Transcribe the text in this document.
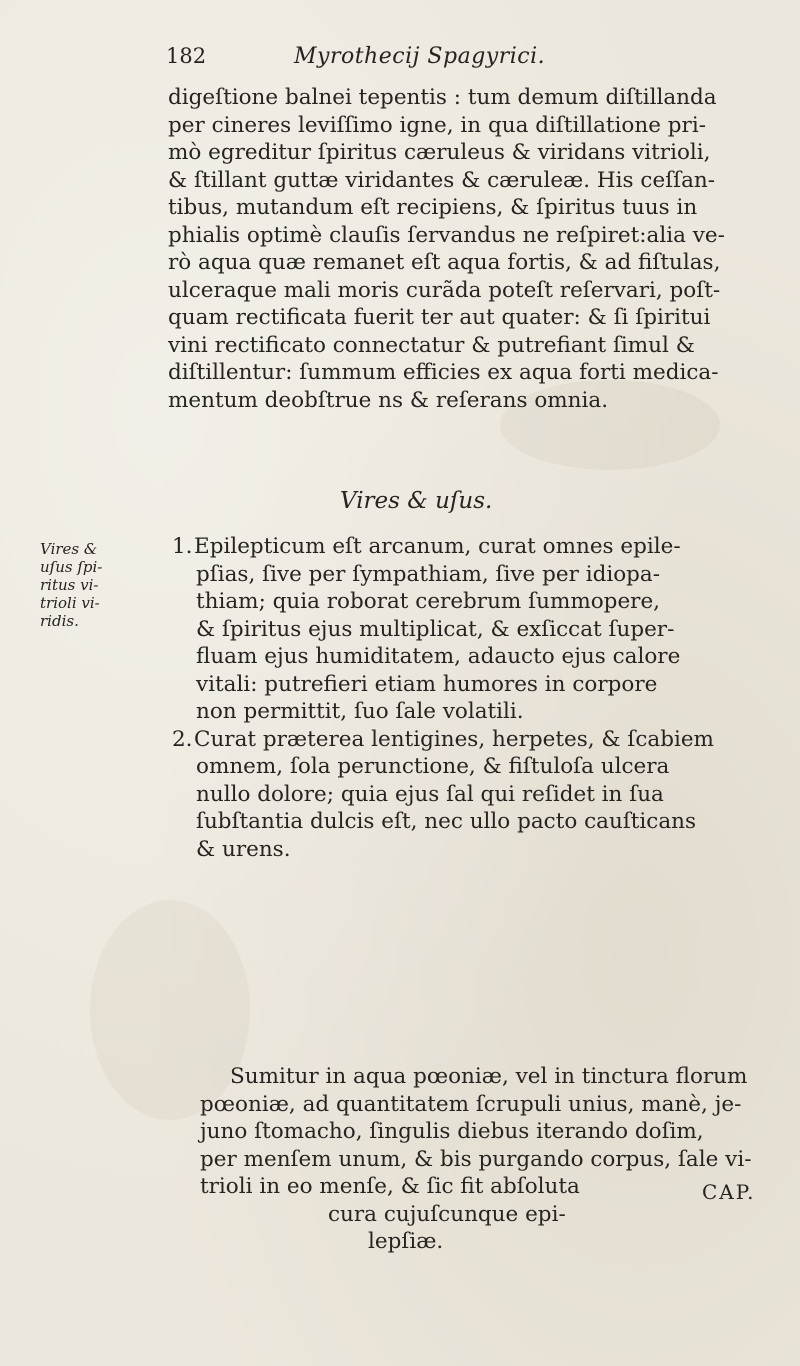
182	Myrothecij Spagyrici.
digeſtione balnei tepentis : tum demum diſtillanda
per cineres leviſſimo igne, in qua diſtillatione pri-
mò egreditur ſpiritus cæruleus & viridans vitrioli,
& ſtillant guttæ viridantes & cæruleæ. His ceſſan-
tibus, mutandum eſt recipiens, & ſpiritus tuus in
phialis optimè clauſis ſervandus ne reſpiret:alia ve-
rò aqua quæ remanet eſt aqua fortis, & ad fiſtulas,
ulceraque mali moris curãda poteſt reſervari, poſt-
quam rectificata fuerit ter aut quater: & ſi ſpiritui
vini rectificato connectatur & putrefiant ſimul &
diſtillentur: ſummum efficies ex aqua forti medica-
mentum deobſtrue ns & reſerans omnia.
Vires & uſus.
Vires &
uſus ſpi-
ritus vi-
trioli vi-
ridis.
1.Epilepticum eſt arcanum, curat omnes epile-
pſias, ſive per ſympathiam, ſive per idiopa-
thiam; quia roborat cerebrum ſummopere,
& ſpiritus ejus multiplicat, & exſiccat ſuper-
fluam ejus humiditatem, adaucto ejus calore
vitali: putrefieri etiam humores in corpore
non permittit, ſuo ſale volatili.
2.Curat præterea lentigines, herpetes, & ſcabiem
omnem, ſola perunctione, & fiſtuloſa ulcera
nullo dolore; quia ejus ſal qui reſidet in ſua
ſubſtantia dulcis eſt, nec ullo pacto cauſticans
& urens.
Sumitur in aqua pœoniæ, vel in tinctura florum
pœoniæ, ad quantitatem ſcrupuli unius, manè, je-
juno ſtomacho, ſingulis diebus iterando doſim,
per menſem unum, & bis purgando corpus, ſale vi-
trioli in eo menſe, & ſic fit abſoluta
cura cujuſcunque epi-
lepſiæ.
CAP.
